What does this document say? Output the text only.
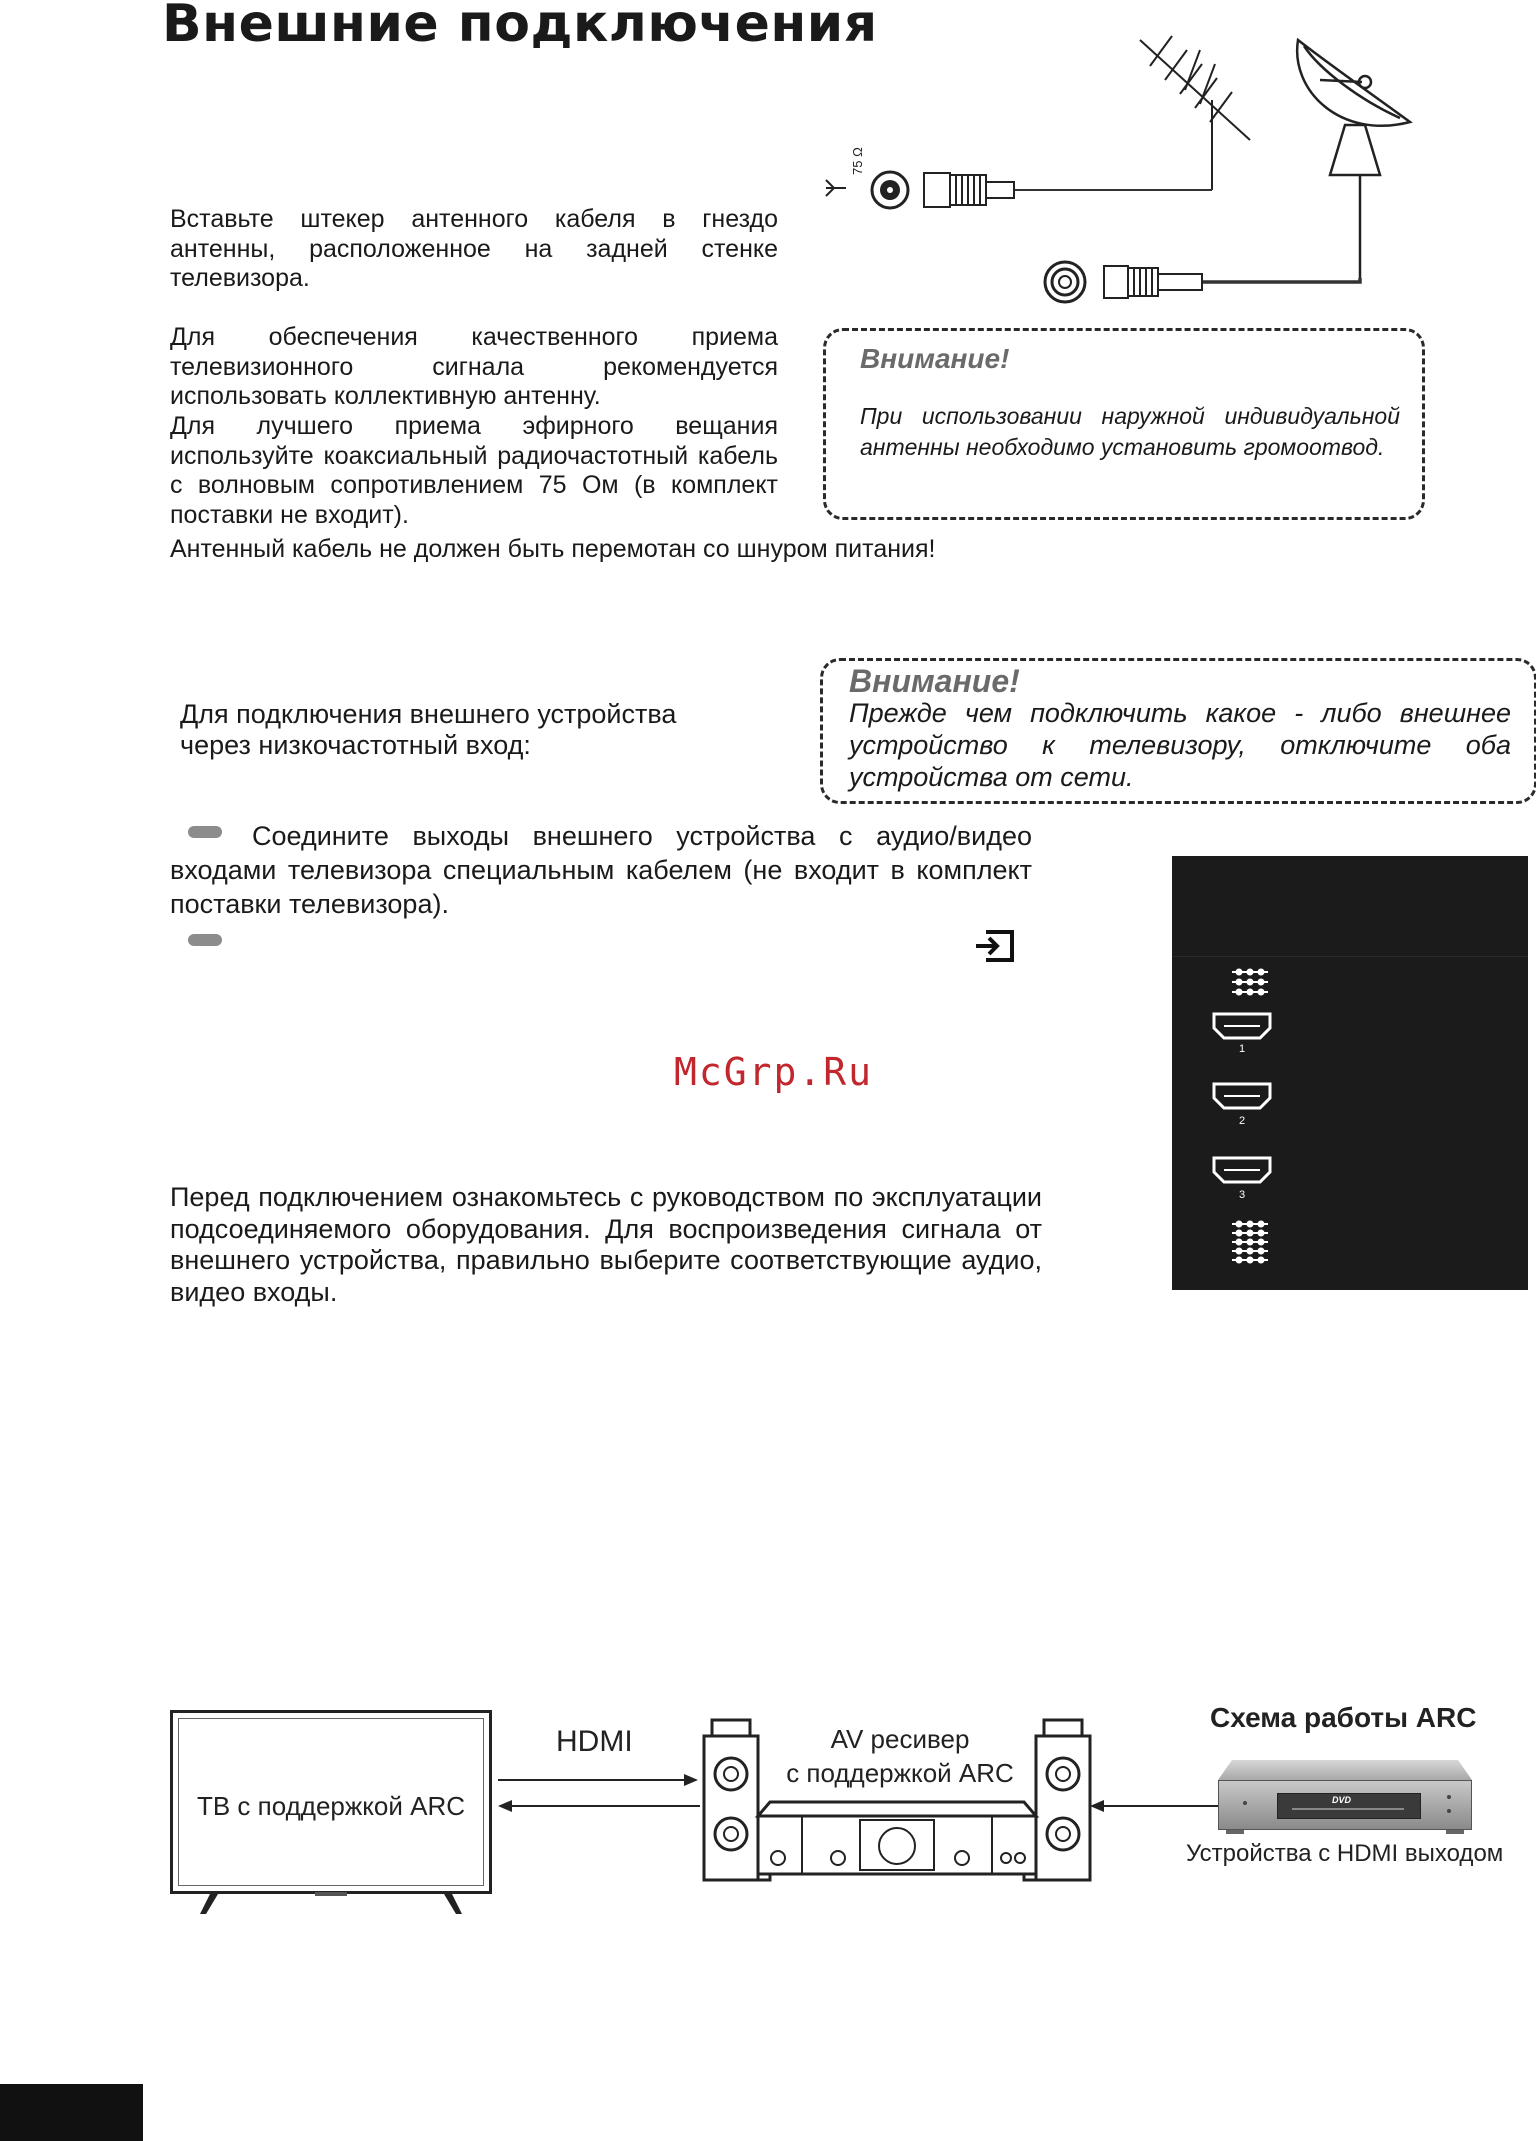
Внешние подключения
75 Ω
Вставьте штекер антенного кабеля в гнездо антенны, расположенное на задней стенке телевизора.
Для обеспечения качественного приема телевизионного сигнала рекомендуется использовать коллективную антенну.
Для лучшего приема эфирного вещания используйте коаксиальный радиочастотный кабель с волновым сопротивлением 75 Ом (в комплект поставки не входит).
Антенный кабель не должен быть перемотан со шнуром питания!
Внимание!
При использовании наружной индивидуальной антенны необходимо установить громоотвод.
Для подключения внешнего устройства через низкочастотный вход:
Внимание!
Прежде чем подключить какое - либо внешнее устройство к телевизору, отключите оба устройства от сети.
Соедините выходы внешнего устройства с аудио/видео входами телевизора специальным кабелем (не входит в комплект поставки телевизора).
McGrp.Ru
1
2
3
Перед подключением ознакомьтесь с руководством по эксплуатации подсоединяемого оборудования. Для воспроизведения сигнала от внешнего устройства, правильно выберите соответствующие аудио, видео входы.
Схема работы ARC
ТВ с поддержкой ARC
HDMI	AV ресивер
с поддержкой ARC
DVD
Устройства с HDMI выходом
